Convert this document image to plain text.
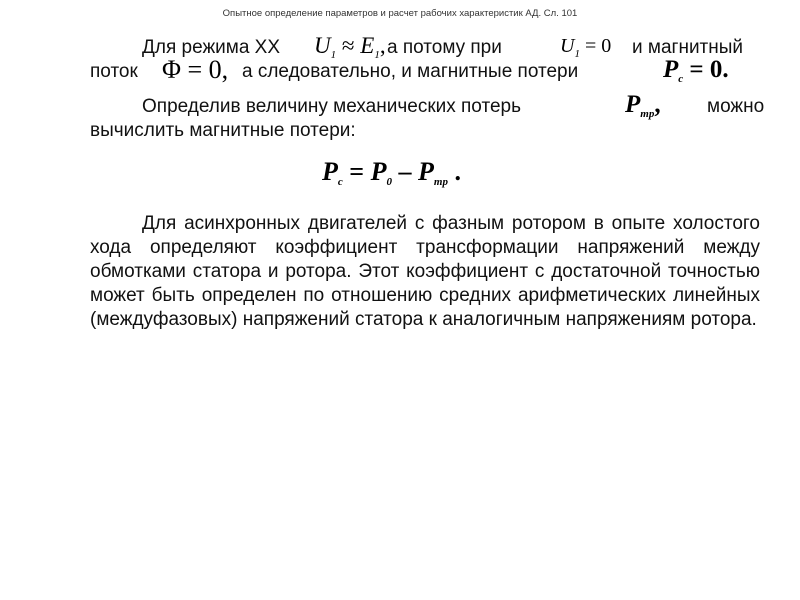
Опытное определение параметров и расчет рабочих характеристик АД. Сл. 101
Для режима ХХ $U_1 \approx E_1$, а потому при	$U_1 = 0$ и магнитный
поток Φ = 0, а следовательно, и магнитные потери	$P_c = 0$.
Определив величину механических потерь	$P_{тр}$, можно
вычислить магнитные потери:
Pc = P0 – Pтр .

Для асинхронных двигателей с фазным ротором в опыте холостого хода определяют коэффициент трансформации напряжений между обмотками статора и ротора. Этот коэффициент с достаточной точностью может быть определен по отношению средних арифметических линейных (междуфазовых) напряжений статора к аналогичным напряжениям ротора.
